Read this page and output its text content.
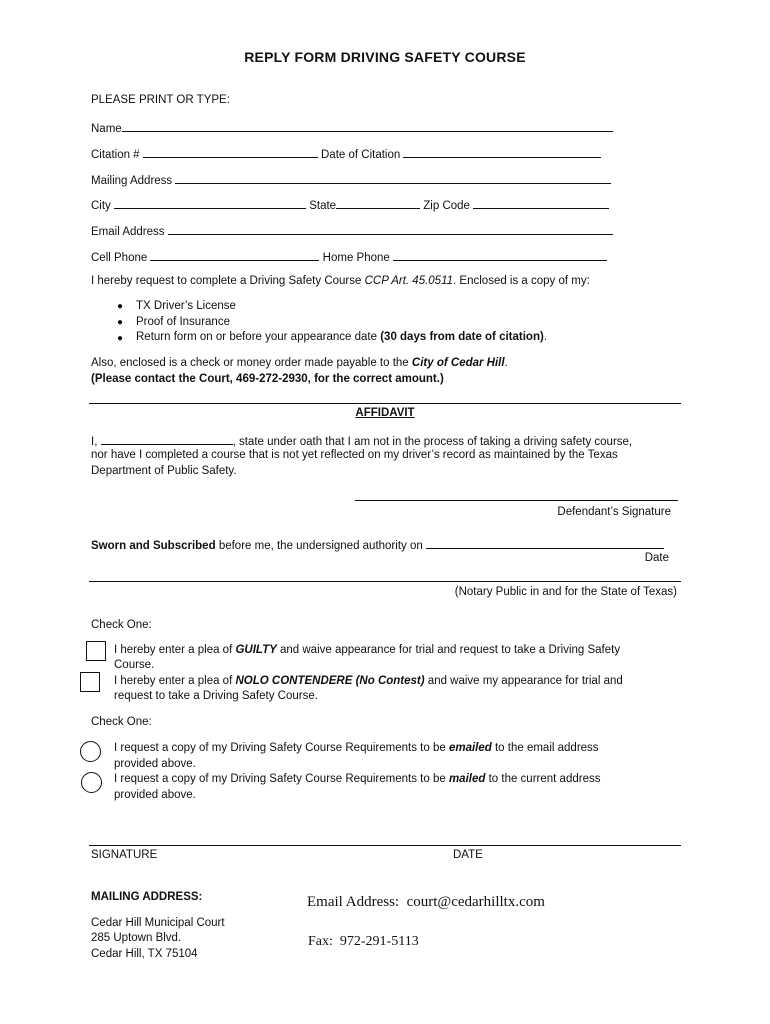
REPLY FORM DRIVING SAFETY COURSE
PLEASE PRINT OR TYPE:
Name
Citation #	Date of Citation
Mailing Address
City	State	Zip Code
Email Address
Cell Phone	Home Phone
I hereby request to complete a Driving Safety Course CCP Art. 45.0511. Enclosed is a copy of my:
● TX Driver’s License
● Proof of Insurance
● Return form on or before your appearance date (30 days from date of citation).
Also, enclosed is a check or money order made payable to the City of Cedar Hill.
(Please contact the Court, 469-272-2930, for the correct amount.)
AFFIDAVIT
I,	, state under oath that I am not in the process of taking a driving safety course,
nor have I completed a course that is not yet reflected on my driver’s record as maintained by the Texas
Department of Public Safety.
Defendant’s Signature
Sworn and Subscribed before me, the undersigned authority on
Date
(Notary Public in and for the State of Texas)
Check One:
I hereby enter a plea of GUILTY and waive appearance for trial and request to take a Driving Safety
Course.
I hereby enter a plea of NOLO CONTENDERE (No Contest) and waive my appearance for trial and
request to take a Driving Safety Course.
Check One:
I request a copy of my Driving Safety Course Requirements to be emailed to the email address
provided above.
I request a copy of my Driving Safety Course Requirements to be mailed to the current address
provided above.
SIGNATURE	DATE
MAILING ADDRESS:
Cedar Hill Municipal Court
285 Uptown Blvd.
Cedar Hill, TX 75104
Email Address: court@cedarhilltx.com
Fax: 972-291-5113
